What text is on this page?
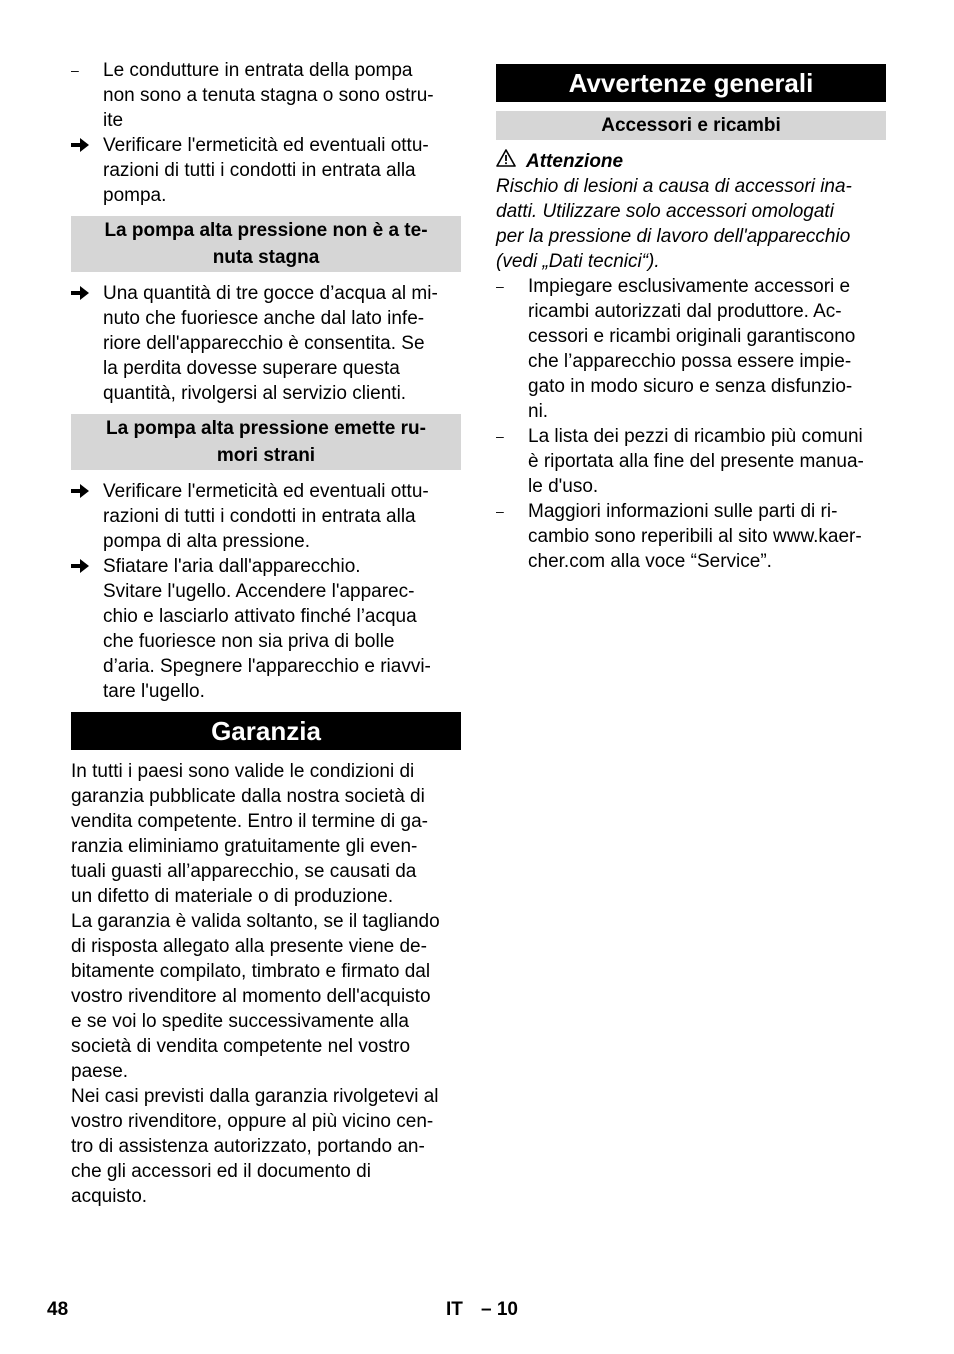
–	Le condutture in entrata della pompa
non sono a tenuta stagna o sono ostru-
ite
Verificare l'ermeticità ed eventuali ottu-
razioni di tutti i condotti in entrata alla
pompa.
La pompa alta pressione non è a te-
nuta stagna
Una quantità di tre gocce d’acqua al mi-
nuto che fuoriesce anche dal lato infe-
riore dell'apparecchio è consentita. Se
la perdita dovesse superare questa
quantità, rivolgersi al servizio clienti.
La pompa alta pressione emette ru-
mori strani
Verificare l'ermeticità ed eventuali ottu-
razioni di tutti i condotti in entrata alla
pompa di alta pressione.
Sfiatare l'aria dall'apparecchio.
Svitare l'ugello. Accendere l'apparec-
chio e lasciarlo attivato finché l’acqua
che fuoriesce non sia priva di bolle
d’aria. Spegnere l'apparecchio e riavvi-
tare l'ugello.
Garanzia
In tutti i paesi sono valide le condizioni di
garanzia pubblicate dalla nostra società di
vendita competente. Entro il termine di ga-
ranzia eliminiamo gratuitamente gli even-
tuali guasti all’apparecchio, se causati da
un difetto di materiale o di produzione.
La garanzia è valida soltanto, se il tagliando
di risposta allegato alla presente viene de-
bitamente compilato, timbrato e firmato dal
vostro rivenditore al momento dell'acquisto
e se voi lo spedite successivamente alla
società di vendita competente nel vostro
paese.
Nei casi previsti dalla garanzia rivolgetevi al
vostro rivenditore, oppure al più vicino cen-
tro di assistenza autorizzato, portando an-
che gli accessori ed il documento di
acquisto.
Avvertenze generali
Accessori e ricambi
Attenzione
Rischio di lesioni a causa di accessori ina-
datti. Utilizzare solo accessori omologati
per la pressione di lavoro dell'apparecchio
(vedi „Dati tecnici“).
–	Impiegare esclusivamente accessori e
ricambi autorizzati dal produttore. Ac-
cessori e ricambi originali garantiscono
che l’apparecchio possa essere impie-
gato in modo sicuro e senza disfunzio-
ni.
–	La lista dei pezzi di ricambio più comuni
è riportata alla fine del presente manua-
le d'uso.
–	Maggiori informazioni sulle parti di ri-
cambio sono reperibili al sito www.kaer-
cher.com alla voce “Service”.
48	IT – 10
